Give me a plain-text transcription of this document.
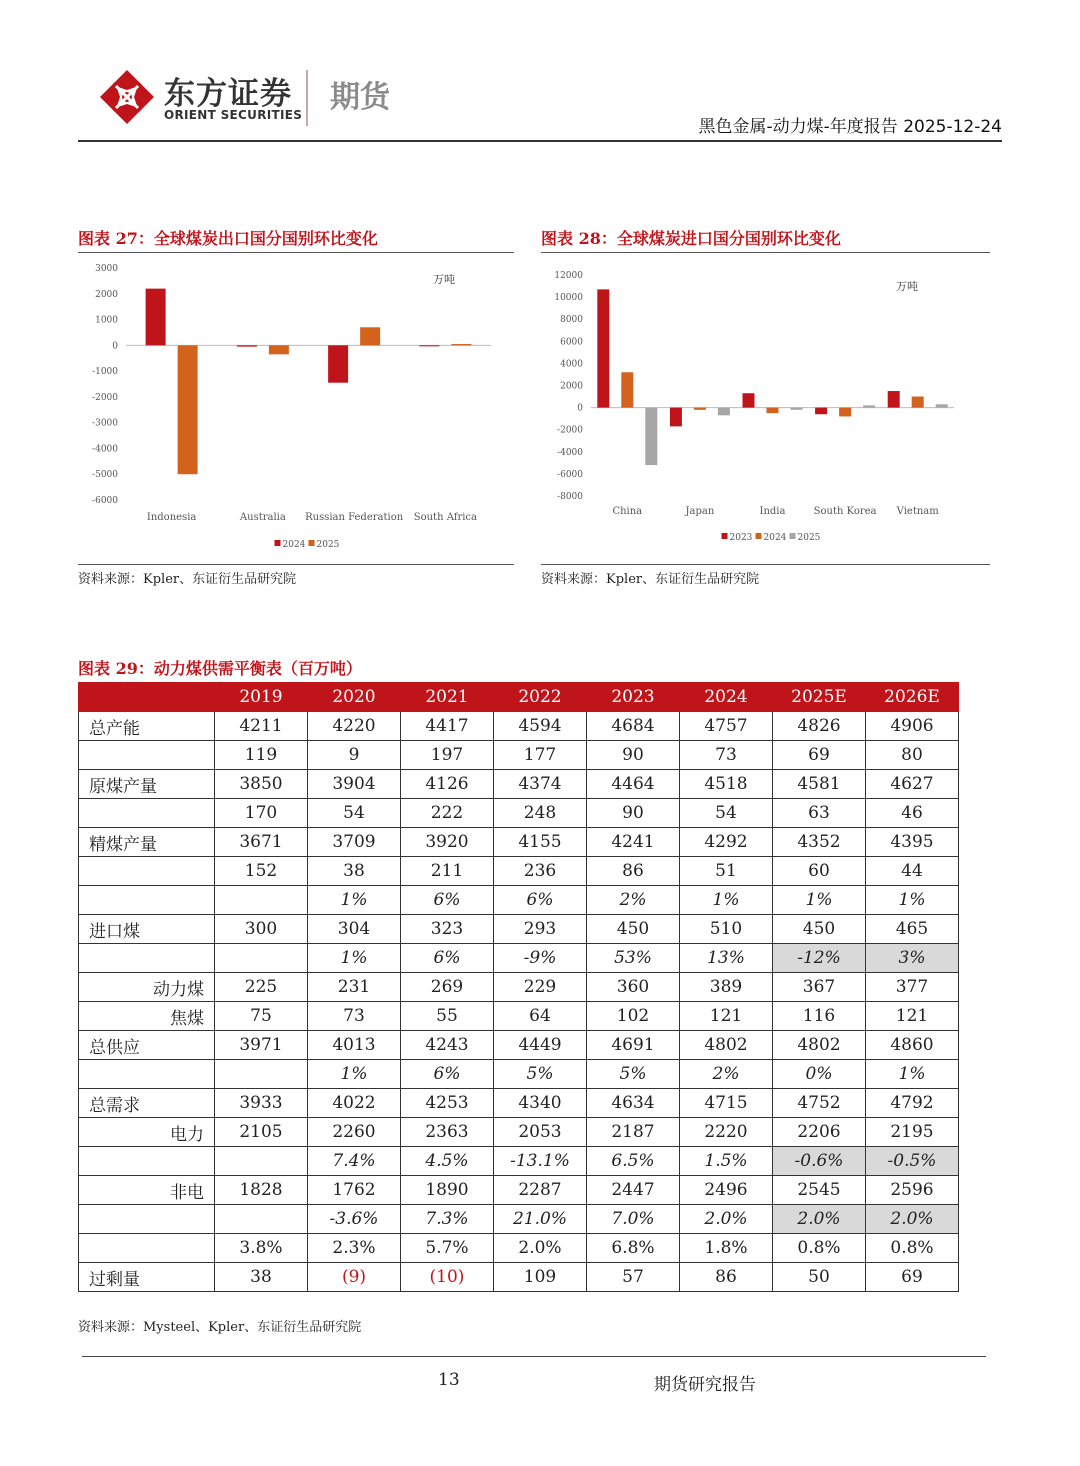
东方证券
ORIENT SECURITIES 期货
黑色金属-动力煤-年度报告 2025-12-24
图表 27：全球煤炭出口国分国别环比变化
3000
2000
1000
0
-1000
-2000
-3000
-4000
-5000
-6000
Indonesia	Australia Russian Federation South Africa
万吨
2024 2025
资料来源：Kpler、东证衍生品研究院
图表 28：全球煤炭进口国分国别环比变化
12000
10000
8000
6000
4000
2000
0
-2000
-4000
-6000
-8000
China	Japan	India	South Korea Vietnam
万吨
2023 2024 2025
资料来源：Kpler、东证衍生品研究院
图表 29：动力煤供需平衡表（百万吨）
	2019	2020	2021	2022	2023	2024	2025E	2026E
总产能	4211	4220	4417	4594	4684	4757	4826	4906
	119	9	197	177	90	73	69	80
原煤产量	3850	3904	4126	4374	4464	4518	4581	4627
	170	54	222	248	90	54	63	46
精煤产量	3671	3709	3920	4155	4241	4292	4352	4395
	152	38	211	236	86	51	60	44
		1%	6%	6%	2%	1%	1%	1%
进口煤	300	304	323	293	450	510	450	465
		1%	6%	-9%	53%	13%	-12%	3%
动力煤	225	231	269	229	360	389	367	377
焦煤	75	73	55	64	102	121	116	121
总供应	3971	4013	4243	4449	4691	4802	4802	4860
		1%	6%	5%	5%	2%	0%	1%
总需求	3933	4022	4253	4340	4634	4715	4752	4792
电力	2105	2260	2363	2053	2187	2220	2206	2195
		7.4%	4.5%	-13.1%	6.5%	1.5%	-0.6%	-0.5%
非电	1828	1762	1890	2287	2447	2496	2545	2596
		-3.6%	7.3%	21.0%	7.0%	2.0%	2.0%	2.0%
	3.8%	2.3%	5.7%	2.0%	6.8%	1.8%	0.8%	0.8%
过剩量	38	(9)	(10)	109	57	86	50	69
资料来源：Mysteel、Kpler、东证衍生品研究院
13	期货研究报告
